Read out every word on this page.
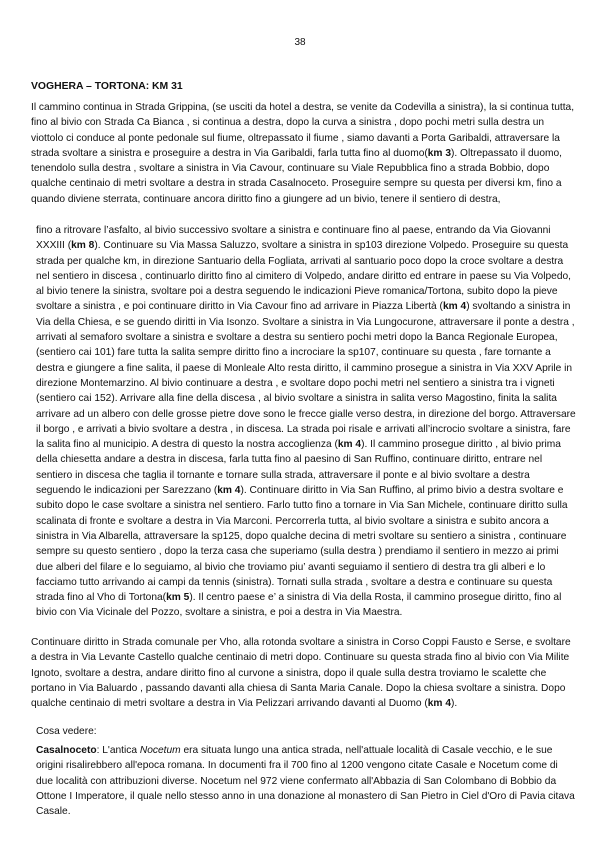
38
VOGHERA – TORTONA: KM 31

Il cammino continua in Strada Grippina, (se usciti da hotel a destra, se venite da Codevilla a sinistra), la si continua tutta, fino al bivio con Strada Ca Bianca , si continua a destra, dopo la curva a sinistra , dopo pochi metri sulla destra un viottolo ci conduce al ponte pedonale sul fiume, oltrepassato il fiume , siamo davanti a Porta Garibaldi, attraversare la strada svoltare a sinistra e proseguire a destra in Via Garibaldi, farla tutta fino al duomo(km 3). Oltrepassato il duomo, tenendolo sulla destra , svoltare a sinistra in Via Cavour, continuare su Viale Repubblica fino a strada Bobbio, dopo qualche centinaio di metri svoltare a destra in strada Casalnoceto. Proseguire sempre su questa per diversi km, fino a quando diviene sterrata, continuare ancora diritto fino a giungere ad un bivio, tenere il sentiero di destra,

fino a ritrovare l’asfalto, al bivio successivo svoltare a sinistra e continuare fino al paese, entrando da Via Giovanni XXXIII (km 8). Continuare su Via Massa Saluzzo, svoltare a sinistra in sp103 direzione Volpedo. Proseguire su questa strada per qualche km, in direzione Santuario della Fogliata, arrivati al santuario poco dopo la croce svoltare a destra nel sentiero in discesa , continuarlo diritto fino al cimitero di Volpedo, andare diritto ed entrare in paese su Via Volpedo, al bivio tenere la sinistra, svoltare poi a destra seguendo le indicazioni Pieve romanica/Tortona, subito dopo la pieve svoltare a sinistra , e poi continuare diritto in Via Cavour fino ad arrivare in Piazza Libertà (km 4) svoltando a sinistra in Via della Chiesa, e se guendo diritti in Via Isonzo. Svoltare a sinistra in Via Lungocurone, attraversare il ponte a destra , arrivati al semaforo svoltare a sinistra e svoltare a destra su sentiero pochi metri dopo la Banca Regionale Europea, (sentiero cai 101) fare tutta la salita sempre diritto fino a incrociare la sp107, continuare su questa , fare tornante a destra e giungere a fine salita, il paese di Monleale Alto resta diritto, il cammino prosegue a sinistra in Via XXV Aprile in direzione Montemarzino. Al bivio continuare a destra , e svoltare dopo pochi metri nel sentiero a sinistra tra i vigneti (sentiero cai 152). Arrivare alla fine della discesa , al bivio svoltare a sinistra in salita verso Magostino, finita la salita arrivare ad un albero con delle grosse pietre dove sono le frecce gialle verso destra, in direzione del borgo. Attraversare il borgo , e arrivati a bivio svoltare a destra , in discesa. La strada poi risale e arrivati all’incrocio svoltare a sinistra, fare la salita fino al municipio. A destra di questo la nostra accoglienza (km 4). Il cammino prosegue diritto , al bivio prima della chiesetta andare a destra in discesa, farla tutta fino al paesino di San Ruffino, continuare diritto, entrare nel sentiero in discesa che taglia il tornante e tornare sulla strada, attraversare il ponte e al bivio svoltare a destra seguendo le indicazioni per Sarezzano (km 4). Continuare diritto in Via San Ruffino, al primo bivio a destra svoltare e subito dopo le case svoltare a sinistra nel sentiero. Farlo tutto fino a tornare in Via San Michele, continuare diritto sulla scalinata di fronte e svoltare a destra in Via Marconi. Percorrerla tutta, al bivio svoltare a sinistra e subito ancora a sinistra in Via Albarella, attraversare la sp125, dopo qualche decina di metri svoltare su sentiero a sinistra , continuare sempre su questo sentiero , dopo la terza casa che superiamo (sulla destra ) prendiamo il sentiero in mezzo ai primi due alberi del filare e lo seguiamo, al bivio che troviamo piu’ avanti seguiamo il sentiero di destra tra gli alberi e lo facciamo tutto arrivando ai campi da tennis (sinistra). Tornati sulla strada , svoltare a destra e continuare su questa strada fino al Vho di Tortona(km 5). Il centro paese e’ a sinistra di Via della Rosta, il cammino prosegue diritto, fino al bivio con Via Vicinale del Pozzo, svoltare a sinistra, e poi a destra in Via Maestra.

Continuare diritto in Strada comunale per Vho, alla rotonda svoltare a sinistra in Corso Coppi Fausto e Serse, e svoltare a destra in Via Levante Castello qualche centinaio di metri dopo. Continuare su questa strada fino al bivio con Via Milite Ignoto, svoltare a destra, andare diritto fino al curvone a sinistra, dopo il quale sulla destra troviamo le scalette che portano in Via Baluardo , passando davanti alla chiesa di Santa Maria Canale. Dopo la chiesa svoltare a sinistra. Dopo qualche centinaio di metri svoltare a destra in Via Pelizzari arrivando davanti al Duomo (km 4).

Cosa vedere:

Casalnoceto: L'antica Nocetum era situata lungo una antica strada, nell'attuale località di Casale vecchio, e le sue origini risalirebbero all'epoca romana. In documenti fra il 700 fino al 1200 vengono citate Casale e Nocetum come di due località con attribuzioni diverse. Nocetum nel 972 viene confermato all'Abbazia di San Colombano di Bobbio da Ottone I Imperatore, il quale nello stesso anno in una donazione al monastero di San Pietro in Ciel d'Oro di Pavia citava Casale.
